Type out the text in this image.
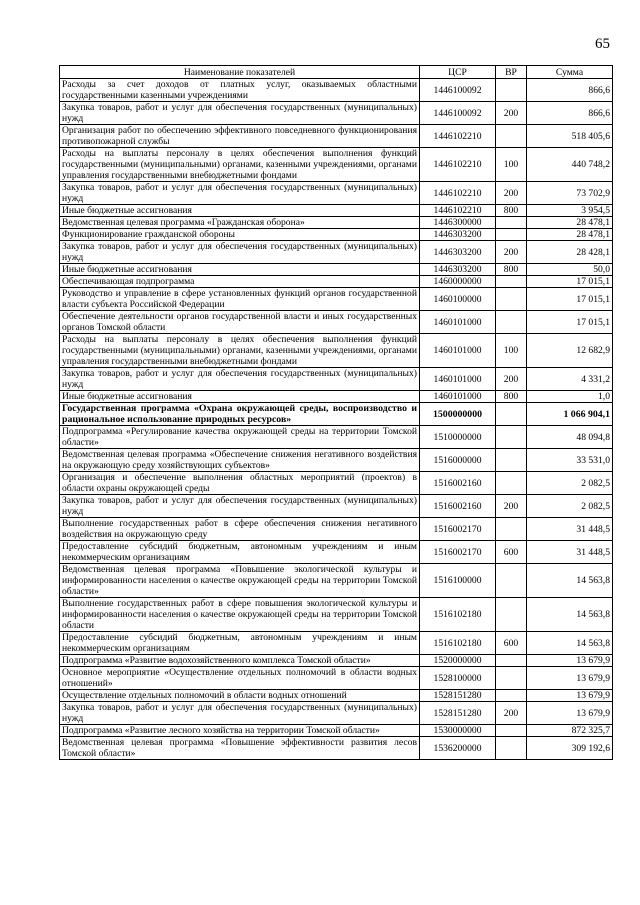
65
Наименование показателей	ЦСР	ВР	Сумма
Расходы за счет доходов от платных услуг, оказываемых областными государственными казенными учреждениями	1446100092		866,6
Закупка товаров, работ и услуг для обеспечения государственных (муниципальных) нужд	1446100092	200	866,6
Организация работ по обеспечению эффективного повседневного функционирования противопожарной службы	1446102210		518 405,6
Расходы на выплаты персоналу в целях обеспечения выполнения функций государственными (муниципальными) органами, казенными учреждениями, органами управления государственными внебюджетными фондами	1446102210	100	440 748,2
Закупка товаров, работ и услуг для обеспечения государственных (муниципальных) нужд	1446102210	200	73 702,9
Иные бюджетные ассигнования	1446102210	800	3 954,5
Ведомственная целевая программа «Гражданская оборона»	1446300000		28 478,1
Функционирование гражданской обороны	1446303200		28 478,1
Закупка товаров, работ и услуг для обеспечения государственных (муниципальных) нужд	1446303200	200	28 428,1
Иные бюджетные ассигнования	1446303200	800	50,0
Обеспечивающая подпрограмма	1460000000		17 015,1
Руководство и управление в сфере установленных функций органов государственной власти субъекта Российской Федерации	1460100000		17 015,1
Обеспечение деятельности органов государственной власти и иных государственных органов Томской области	1460101000		17 015,1
Расходы на выплаты персоналу в целях обеспечения выполнения функций государственными (муниципальными) органами, казенными учреждениями, органами управления государственными внебюджетными фондами	1460101000	100	12 682,9
Закупка товаров, работ и услуг для обеспечения государственных (муниципальных) нужд	1460101000	200	4 331,2
Иные бюджетные ассигнования	1460101000	800	1,0
Государственная программа «Охрана окружающей среды, воспроизводство и рациональное использование природных ресурсов»	1500000000		1 066 904,1
Подпрограмма «Регулирование качества окружающей среды на территории Томской области»	1510000000		48 094,8
Ведомственная целевая программа «Обеспечение снижения негативного воздействия на окружающую среду хозяйствующих субъектов»	1516000000		33 531,0
Организация и обеспечение выполнения областных мероприятий (проектов) в области охраны окружающей среды	1516002160		2 082,5
Закупка товаров, работ и услуг для обеспечения государственных (муниципальных) нужд	1516002160	200	2 082,5
Выполнение государственных работ в сфере обеспечения снижения негативного воздействия на окружающую среду	1516002170		31 448,5
Предоставление субсидий бюджетным, автономным учреждениям и иным некоммерческим организациям	1516002170	600	31 448,5
Ведомственная целевая программа «Повышение экологической культуры и информированности населения о качестве окружающей среды на территории Томской области»	1516100000		14 563,8
Выполнение государственных работ в сфере повышения экологической культуры и информированности населения о качестве окружающей среды на территории Томской области	1516102180		14 563,8
Предоставление субсидий бюджетным, автономным учреждениям и иным некоммерческим организациям	1516102180	600	14 563,8
Подпрограмма «Развитие водохозяйственного комплекса Томской области»	1520000000		13 679,9
Основное мероприятие «Осуществление отдельных полномочий в области водных отношений»	1528100000		13 679,9
Осуществление отдельных полномочий в области водных отношений	1528151280		13 679,9
Закупка товаров, работ и услуг для обеспечения государственных (муниципальных) нужд	1528151280	200	13 679,9
Подпрограмма «Развитие лесного хозяйства на территории Томской области»	1530000000		872 325,7
Ведомственная целевая программа «Повышение эффективности развития лесов Томской области»	1536200000		309 192,6
